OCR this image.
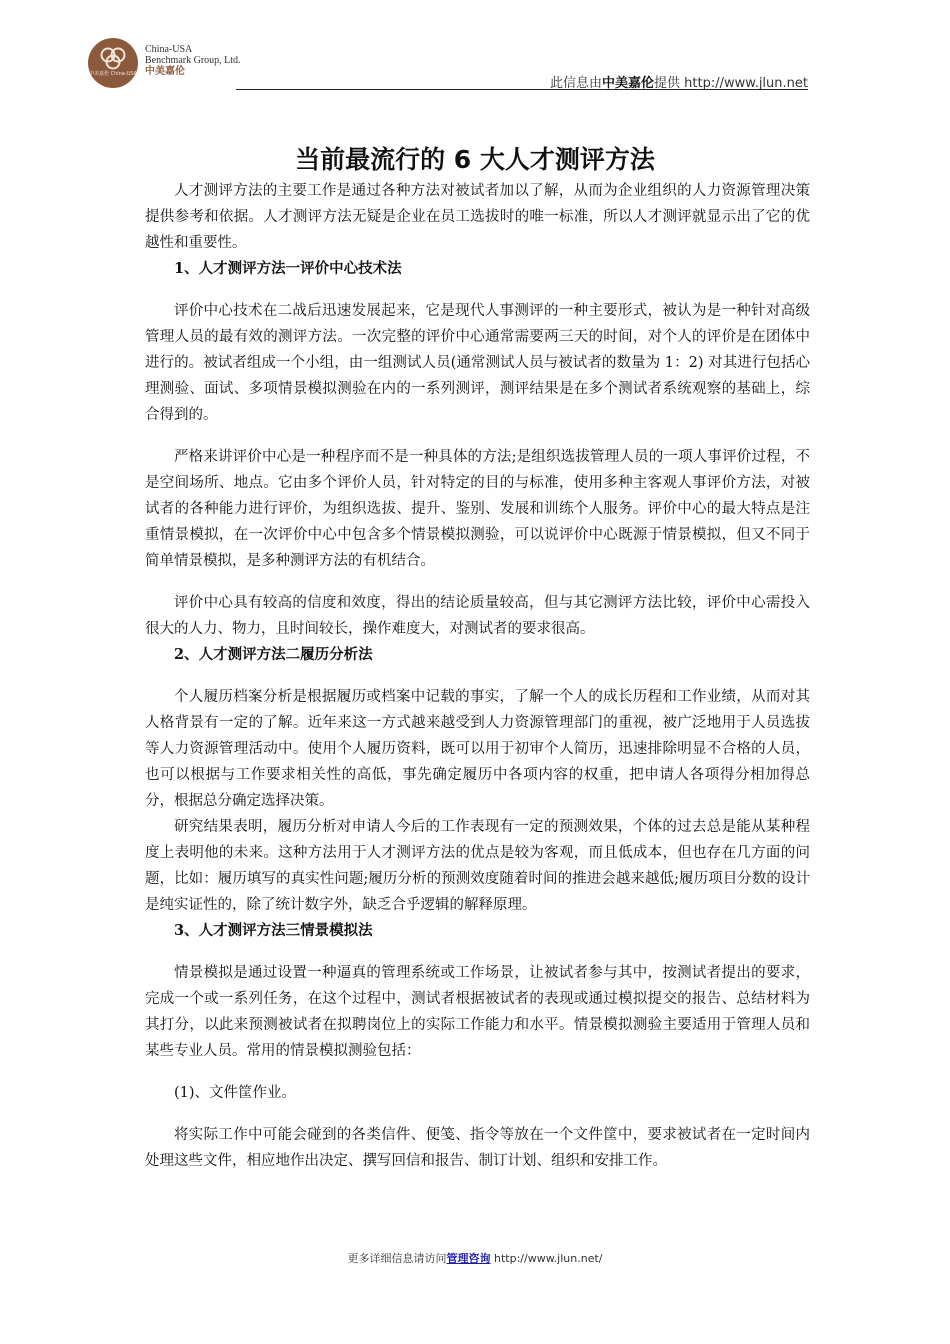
中美嘉伦 China-USA
China-USA
Benchmark Group, Ltd.
中美嘉伦
此信息由中美嘉伦提供 http://www.jlun.net
当前最流行的 6 大人才测评方法

人才测评方法的主要工作是通过各种方法对被试者加以了解，从而为企业组织的人力资源管理决策提供参考和依据。人才测评方法无疑是企业在员工选拔时的唯一标准，所以人才测评就显示出了它的优越性和重要性。

1、人才测评方法一评价中心技术法

评价中心技术在二战后迅速发展起来，它是现代人事测评的一种主要形式，被认为是一种针对高级管理人员的最有效的测评方法。一次完整的评价中心通常需要两三天的时间，对个人的评价是在团体中进行的。被试者组成一个小组，由一组测试人员(通常测试人员与被试者的数量为 1：2) 对其进行包括心理测验、面试、多项情景模拟测验在内的一系列测评，测评结果是在多个测试者系统观察的基础上，综合得到的。

严格来讲评价中心是一种程序而不是一种具体的方法;是组织选拔管理人员的一项人事评价过程，不是空间场所、地点。它由多个评价人员，针对特定的目的与标准，使用多种主客观人事评价方法，对被试者的各种能力进行评价，为组织选拔、提升、鉴别、发展和训练个人服务。评价中心的最大特点是注重情景模拟，在一次评价中心中包含多个情景模拟测验，可以说评价中心既源于情景模拟，但又不同于简单情景模拟，是多种测评方法的有机结合。

评价中心具有较高的信度和效度，得出的结论质量较高，但与其它测评方法比较，评价中心需投入很大的人力、物力，且时间较长，操作难度大，对测试者的要求很高。

2、人才测评方法二履历分析法

个人履历档案分析是根据履历或档案中记载的事实，了解一个人的成长历程和工作业绩，从而对其人格背景有一定的了解。近年来这一方式越来越受到人力资源管理部门的重视，被广泛地用于人员选拔等人力资源管理活动中。使用个人履历资料，既可以用于初审个人简历，迅速排除明显不合格的人员，也可以根据与工作要求相关性的高低，事先确定履历中各项内容的权重，把申请人各项得分相加得总分，根据总分确定选择决策。

研究结果表明，履历分析对申请人今后的工作表现有一定的预测效果，个体的过去总是能从某种程度上表明他的未来。这种方法用于人才测评方法的优点是较为客观，而且低成本，但也存在几方面的问题，比如：履历填写的真实性问题;履历分析的预测效度随着时间的推进会越来越低;履历项目分数的设计是纯实证性的，除了统计数字外，缺乏合乎逻辑的解释原理。

3、人才测评方法三情景模拟法

情景模拟是通过设置一种逼真的管理系统或工作场景，让被试者参与其中，按测试者提出的要求，完成一个或一系列任务，在这个过程中，测试者根据被试者的表现或通过模拟提交的报告、总结材料为其打分，以此来预测被试者在拟聘岗位上的实际工作能力和水平。情景模拟测验主要适用于管理人员和某些专业人员。常用的情景模拟测验包括：

(1)、文件筐作业。

将实际工作中可能会碰到的各类信件、便笺、指令等放在一个文件筐中，要求被试者在一定时间内处理这些文件，相应地作出决定、撰写回信和报告、制订计划、组织和安排工作。

更多详细信息请访问管理咨询 http://www.jlun.net/
